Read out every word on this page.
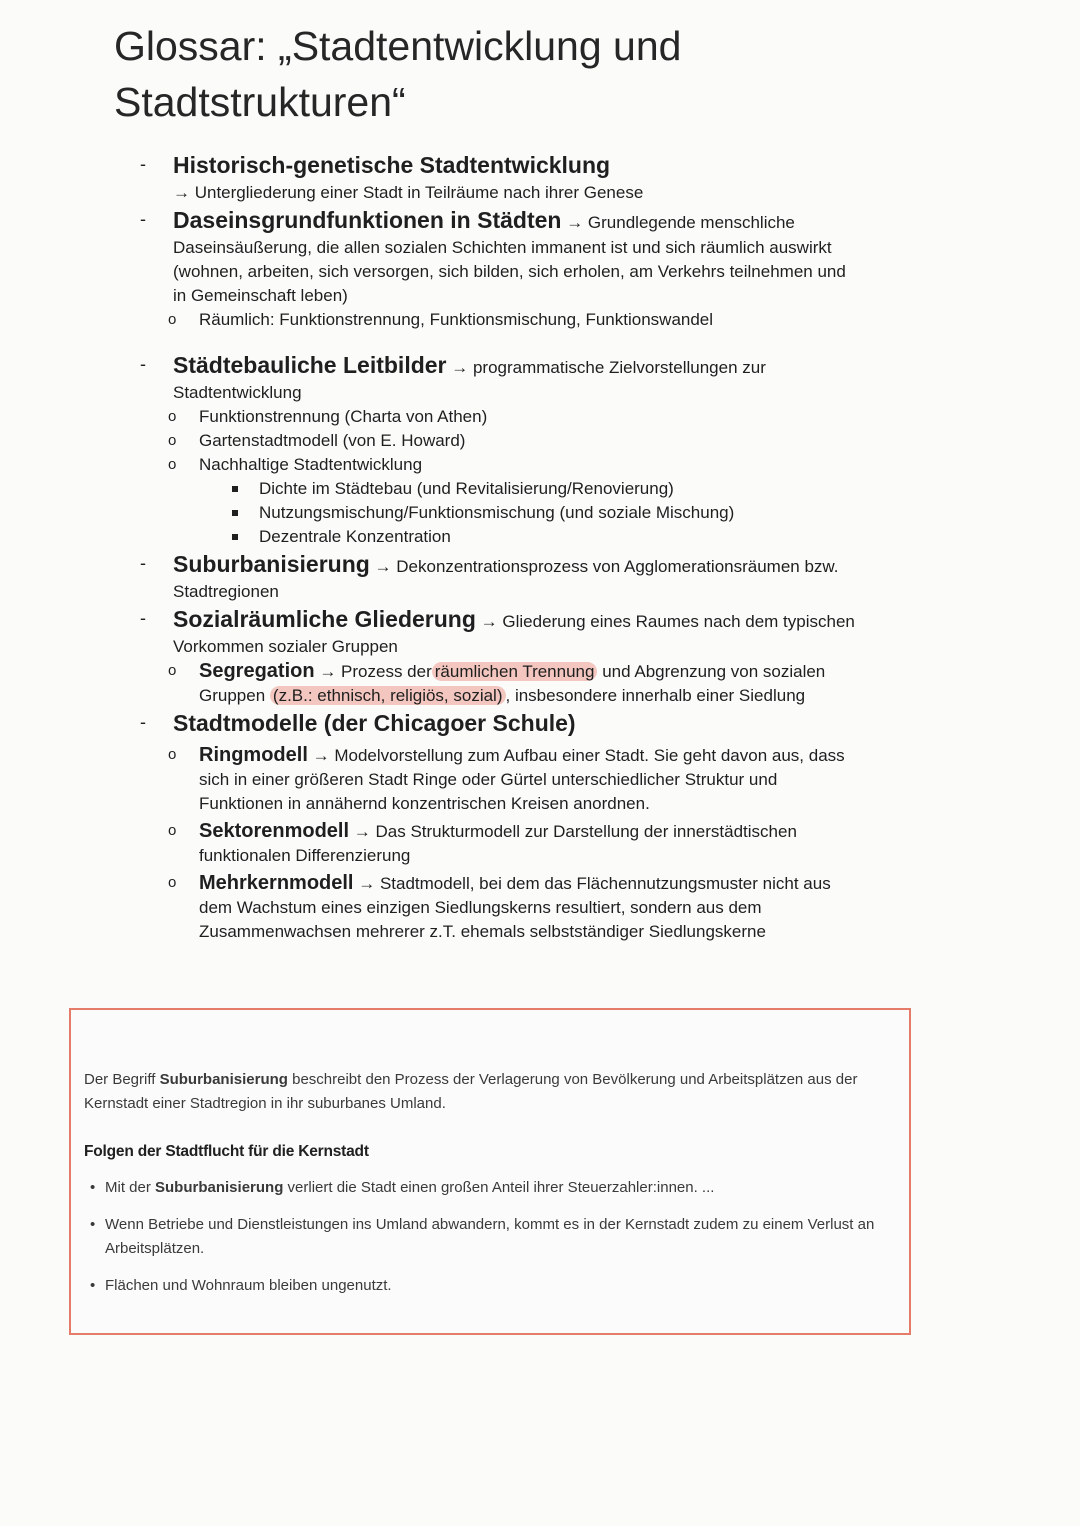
Glossar: „Stadtentwicklung und Stadtstrukturen“
- Historisch-genetische Stadtentwicklung
→ Untergliederung einer Stadt in Teilräume nach ihrer Genese
- Daseinsgrundfunktionen in Städten → Grundlegende menschliche Daseinsäußerung, die allen sozialen Schichten immanent ist und sich räumlich auswirkt (wohnen, arbeiten, sich versorgen, sich bilden, sich erholen, am Verkehrs teilnehmen und in Gemeinschaft leben)
o Räumlich: Funktionstrennung, Funktionsmischung, Funktionswandel
- Städtebauliche Leitbilder → programmatische Zielvorstellungen zur Stadtentwicklung
o Funktionstrennung (Charta von Athen)
o Gartenstadtmodell (von E. Howard)
o Nachhaltige Stadtentwicklung
Dichte im Städtebau (und Revitalisierung/Renovierung)
Nutzungsmischung/Funktionsmischung (und soziale Mischung)
Dezentrale Konzentration
- Suburbanisierung → Dekonzentrationsprozess von Agglomerationsräumen bzw. Stadtregionen
- Sozialräumliche Gliederung → Gliederung eines Raumes nach dem typischen Vorkommen sozialer Gruppen
o Segregation → Prozess der räumlichen Trennung und Abgrenzung von sozialen Gruppen (z.B.: ethnisch, religiös, sozial) , insbesondere innerhalb einer Siedlung
- Stadtmodelle (der Chicagoer Schule)
o Ringmodell → Modelvorstellung zum Aufbau einer Stadt. Sie geht davon aus, dass sich in einer größeren Stadt Ringe oder Gürtel unterschiedlicher Struktur und Funktionen in annähernd konzentrischen Kreisen anordnen.
o Sektorenmodell → Das Strukturmodell zur Darstellung der innerstädtischen funktionalen Differenzierung
o Mehrkernmodell → Stadtmodell, bei dem das Flächennutzungsmuster nicht aus dem Wachstum eines einzigen Siedlungskerns resultiert, sondern aus dem Zusammenwachsen mehrerer z.T. ehemals selbstständiger Siedlungskerne
Der Begriff Suburbanisierung beschreibt den Prozess der Verlagerung von Bevölkerung und Arbeitsplätzen aus der Kernstadt einer Stadtregion in ihr suburbanes Umland.
Folgen der Stadtflucht für die Kernstadt
• Mit der Suburbanisierung verliert die Stadt einen großen Anteil ihrer Steuerzahler:innen. ...
• Wenn Betriebe und Dienstleistungen ins Umland abwandern, kommt es in der Kernstadt zudem zu einem Verlust an Arbeitsplätzen.
• Flächen und Wohnraum bleiben ungenutzt.
